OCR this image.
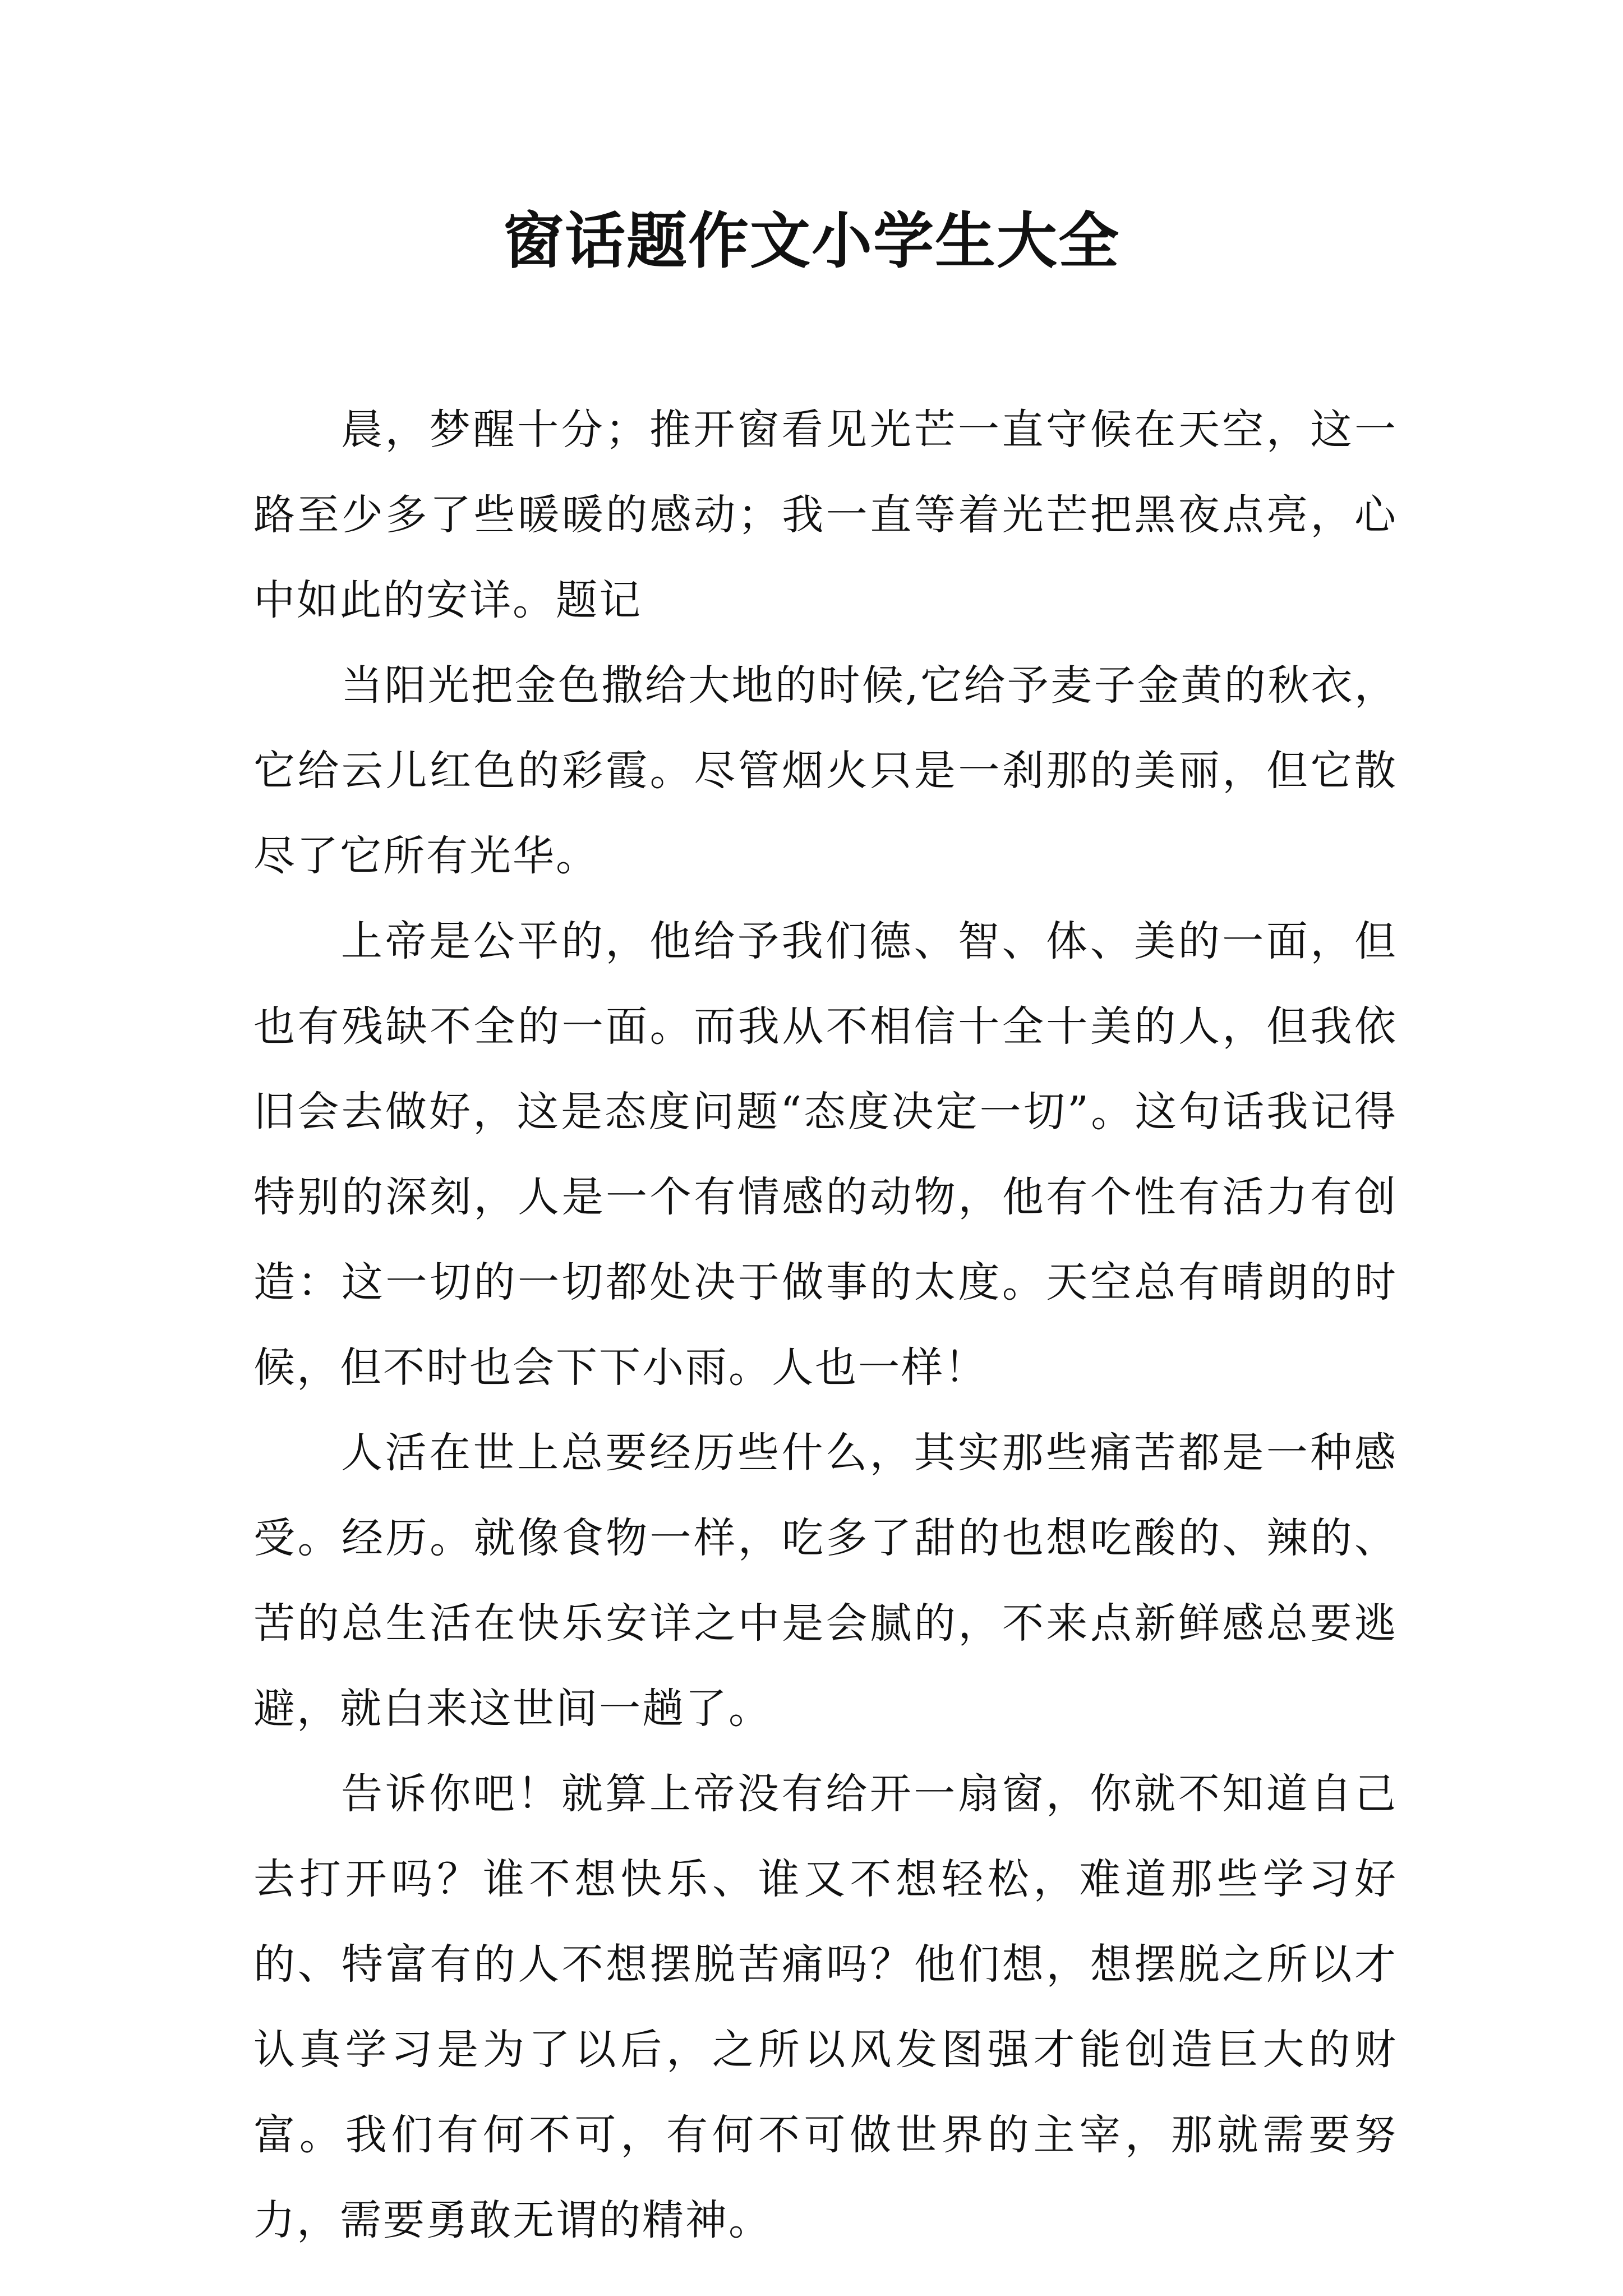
窗话题作文小学生大全

晨，梦醒十分；推开窗看见光芒一直守候在天空，这一路至少多了些暖暖的感动；我一直等着光芒把黑夜点亮，心中如此的安详。题记

当阳光把金色撒给大地的时候,它给予麦子金黄的秋衣，它给云儿红色的彩霞。尽管烟火只是一刹那的美丽，但它散尽了它所有光华。

上帝是公平的，他给予我们德、智、体、美的一面，但也有残缺不全的一面。而我从不相信十全十美的人，但我依旧会去做好，这是态度问题“态度决定一切”。这句话我记得特别的深刻，人是一个有情感的动物，他有个性有活力有创造：这一切的一切都处决于做事的太度。天空总有晴朗的时候，但不时也会下下小雨。人也一样！

人活在世上总要经历些什么，其实那些痛苦都是一种感受。经历。就像食物一样，吃多了甜的也想吃酸的、辣的、苦的总生活在快乐安详之中是会腻的，不来点新鲜感总要逃避，就白来这世间一趟了。

告诉你吧！就算上帝没有给开一扇窗，你就不知道自己去打开吗？谁不想快乐、谁又不想轻松，难道那些学习好的、特富有的人不想摆脱苦痛吗？他们想，想摆脱之所以才认真学习是为了以后，之所以风发图强才能创造巨大的财富。我们有何不可，有何不可做世界的主宰，那就需要努力，需要勇敢无谓的精神。
